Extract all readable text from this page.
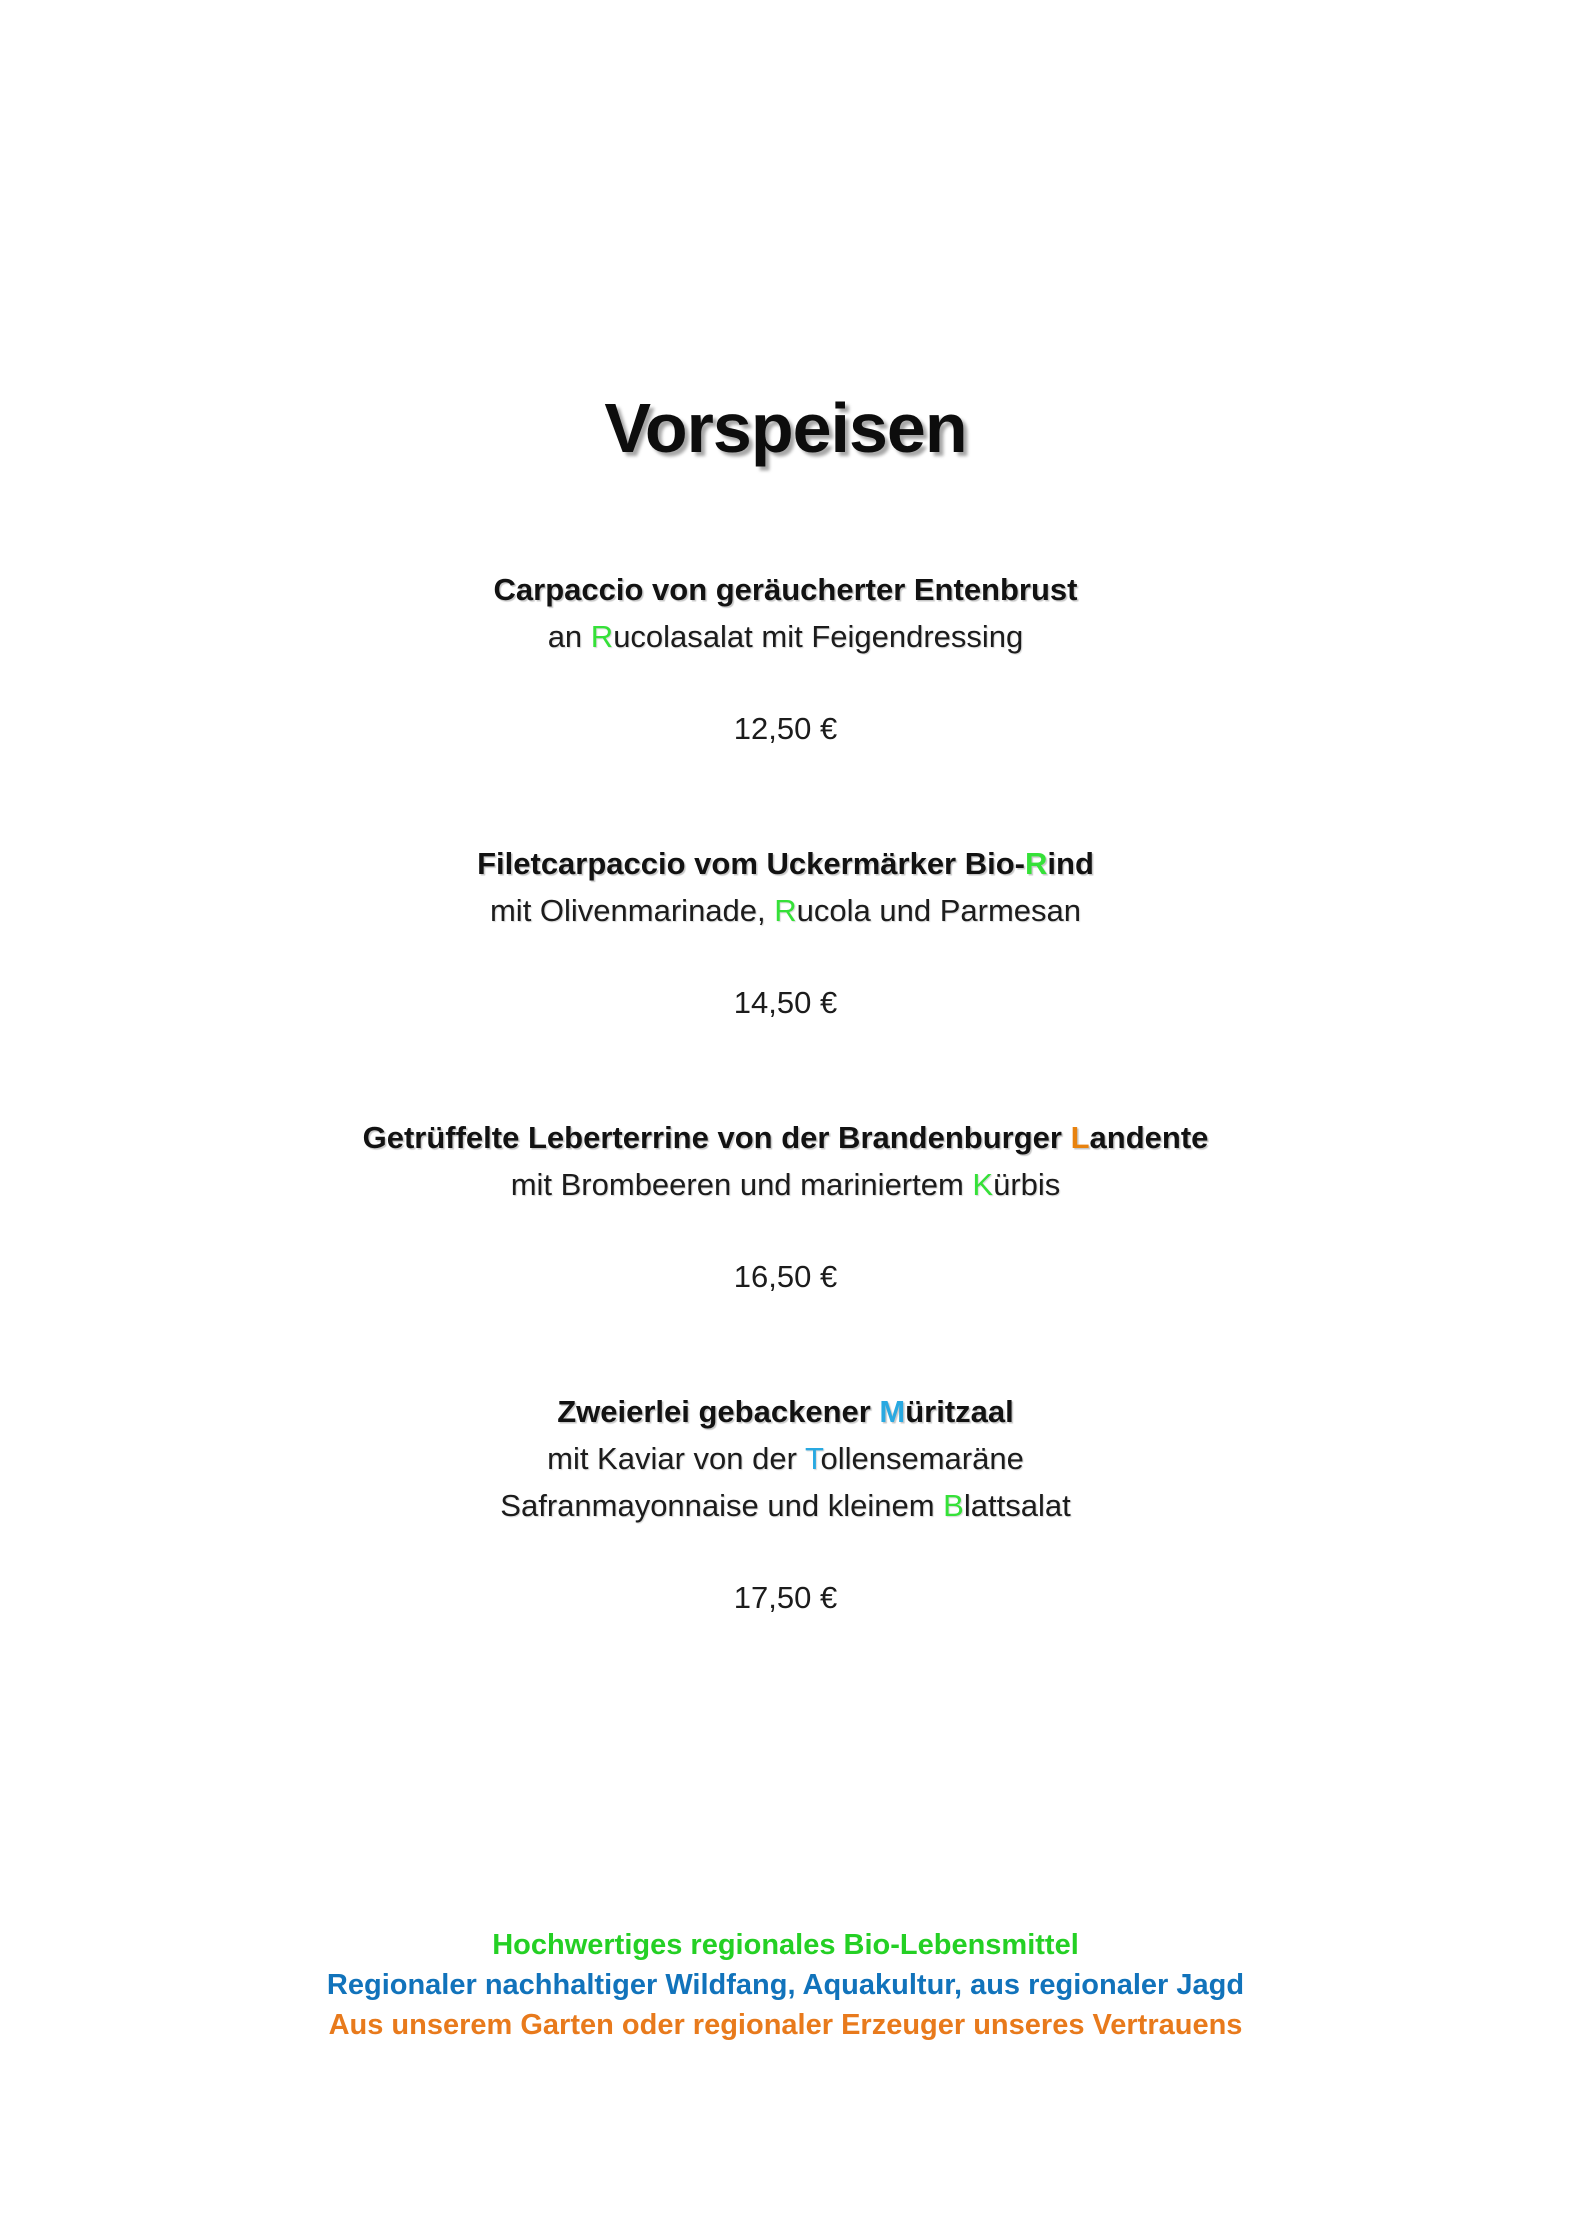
Vorspeisen
Carpaccio von geräucherter Entenbrust
an Rucolasalat mit Feigendressing
12,50 €
Filetcarpaccio vom Uckermärker Bio-Rind
mit Olivenmarinade, Rucola und Parmesan
14,50 €
Getrüffelte Leberterrine von der Brandenburger Landente
mit Brombeeren und mariniertem Kürbis
16,50 €
Zweierlei gebackener Müritzaal
mit Kaviar von der Tollensemaräne
Safranmayonnaise und kleinem Blattsalat
17,50 €
Hochwertiges regionales Bio-Lebensmittel
Regionaler nachhaltiger Wildfang, Aquakultur, aus regionaler Jagd
Aus unserem Garten oder regionaler Erzeuger unseres Vertrauens
